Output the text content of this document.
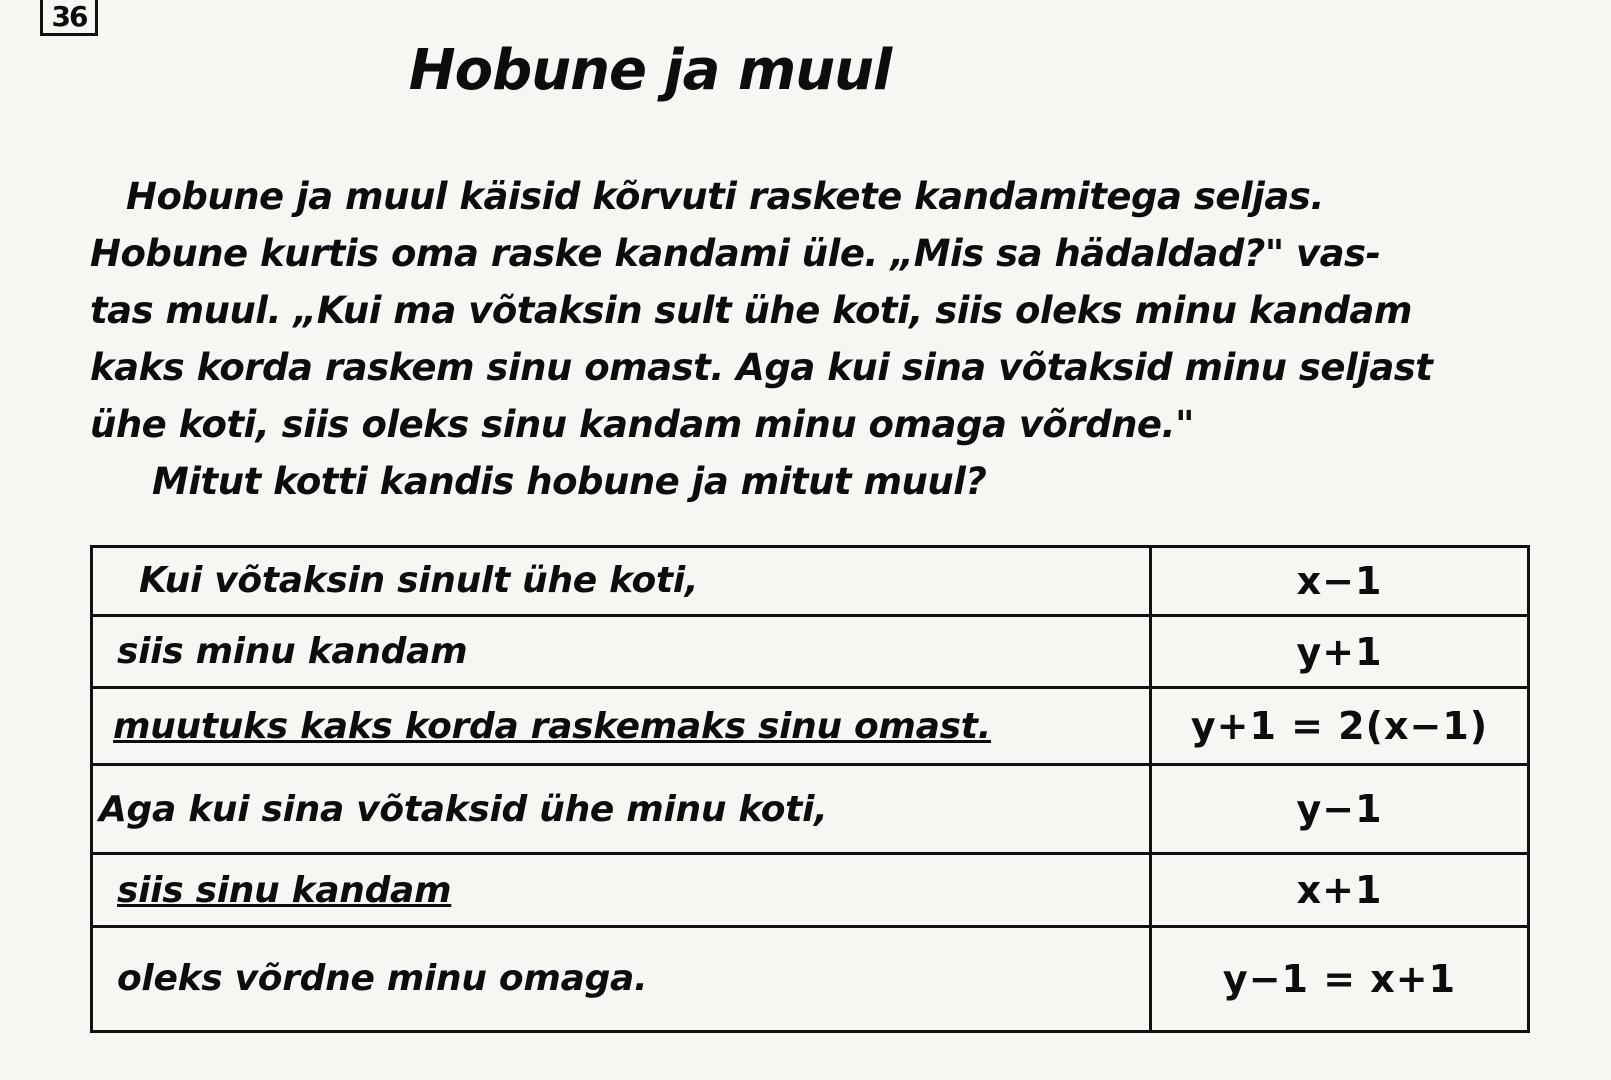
36
Hobune ja muul
Hobune ja muul käisid kõrvuti raskete kandamitega seljas.
Hobune kurtis oma raske kandami üle. „Mis sa hädaldad?" vas-
tas muul. „Kui ma võtaksin sult ühe koti, siis oleks minu kandam
kaks korda raskem sinu omast. Aga kui sina võtaksid minu seljast
ühe koti, siis oleks sinu kandam minu omaga võrdne."
Mitut kotti kandis hobune ja mitut muul?
Kui võtaksin sinult ühe koti,	x−1
siis minu kandam	y+1
muutuks kaks korda raskemaks sinu omast.	y+1 = 2(x−1)
Aga kui sina võtaksid ühe minu koti,	y−1
siis sinu kandam	x+1
oleks võrdne minu omaga.	y−1 = x+1
